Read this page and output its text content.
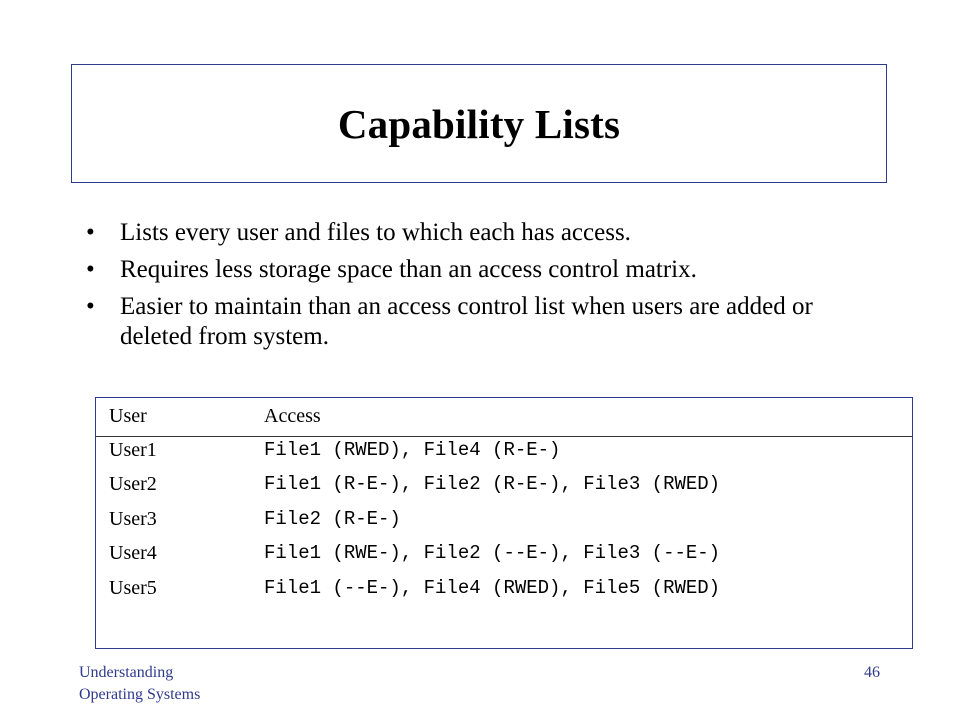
Capability Lists
• Lists every user and files to which each has access.
• Requires less storage space than an access control matrix.
• Easier to maintain than an access control list when users are added or deleted from system.
User	Access
User1	File1 (RWED), File4 (R-E-)
User2	File1 (R-E-), File2 (R-E-), File3 (RWED)
User3	File2 (R-E-)
User4	File1 (RWE-), File2 (--E-), File3 (--E-)
User5	File1 (--E-), File4 (RWED), File5 (RWED)
Understanding
Operating Systems
46
